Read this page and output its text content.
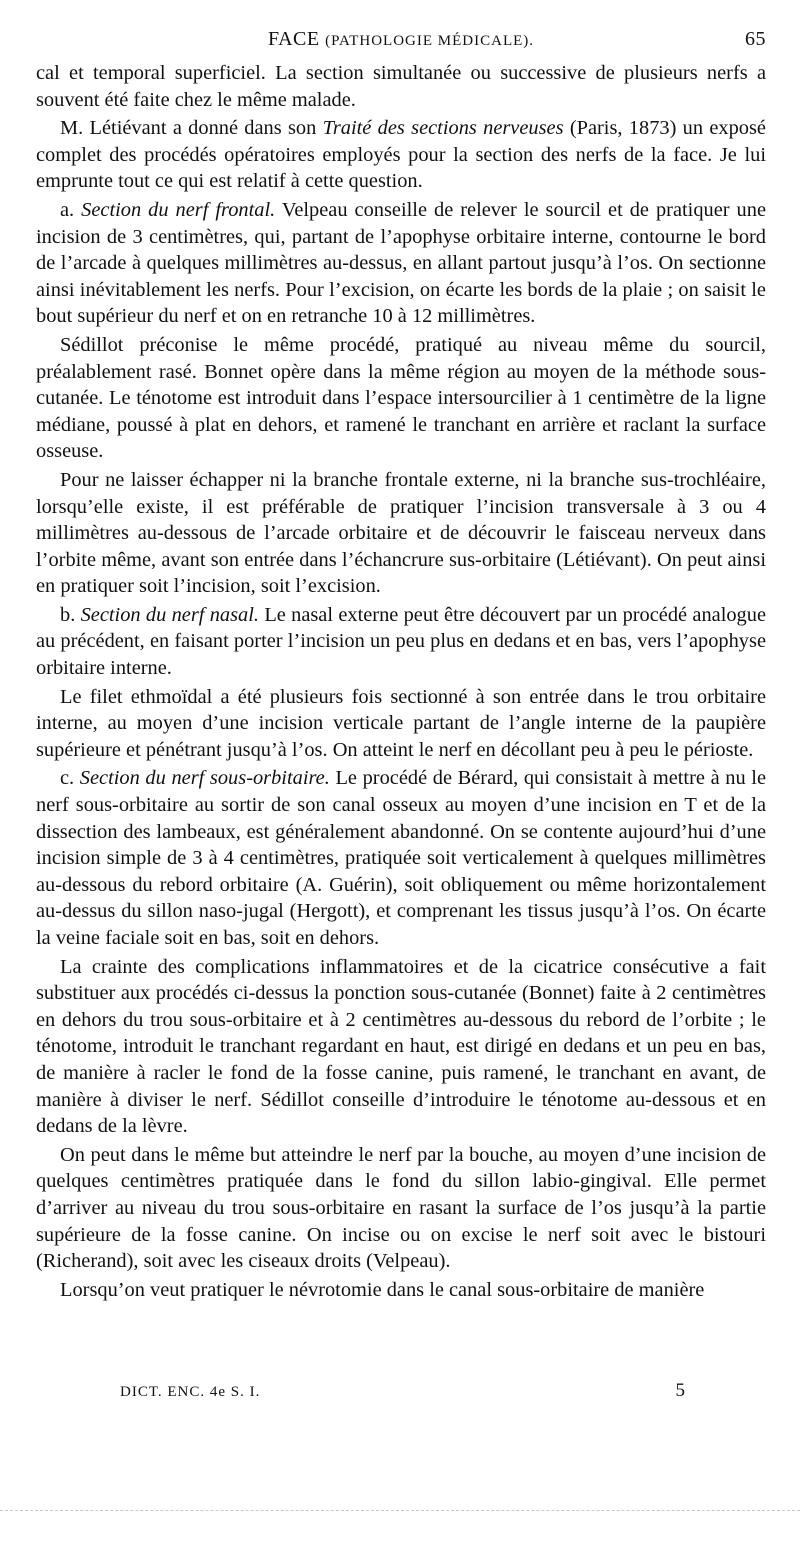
FACE (PATHOLOGIE MÉDICALE).	65

cal et temporal superficiel. La section simultanée ou successive de plusieurs nerfs a souvent été faite chez le même malade.

M. Létiévant a donné dans son Traité des sections nerveuses (Paris, 1873) un exposé complet des procédés opératoires employés pour la section des nerfs de la face. Je lui emprunte tout ce qui est relatif à cette question.

a. Section du nerf frontal. Velpeau conseille de relever le sourcil et de pratiquer une incision de 3 centimètres, qui, partant de l’apophyse orbitaire interne, contourne le bord de l’arcade à quelques millimètres au-dessus, en allant partout jusqu’à l’os. On sectionne ainsi inévitablement les nerfs. Pour l’excision, on écarte les bords de la plaie ; on saisit le bout supérieur du nerf et on en retranche 10 à 12 millimètres.

Sédillot préconise le même procédé, pratiqué au niveau même du sourcil, préalablement rasé. Bonnet opère dans la même région au moyen de la méthode sous-cutanée. Le ténotome est introduit dans l’espace intersourcilier à 1 centimètre de la ligne médiane, poussé à plat en dehors, et ramené le tranchant en arrière et raclant la surface osseuse.

Pour ne laisser échapper ni la branche frontale externe, ni la branche sus-trochléaire, lorsqu’elle existe, il est préférable de pratiquer l’incision transversale à 3 ou 4 millimètres au-dessous de l’arcade orbitaire et de découvrir le faisceau nerveux dans l’orbite même, avant son entrée dans l’échancrure sus-orbitaire (Létiévant). On peut ainsi en pratiquer soit l’incision, soit l’excision.

b. Section du nerf nasal. Le nasal externe peut être découvert par un procédé analogue au précédent, en faisant porter l’incision un peu plus en dedans et en bas, vers l’apophyse orbitaire interne.

Le filet ethmoïdal a été plusieurs fois sectionné à son entrée dans le trou orbitaire interne, au moyen d’une incision verticale partant de l’angle interne de la paupière supérieure et pénétrant jusqu’à l’os. On atteint le nerf en décollant peu à peu le périoste.

c. Section du nerf sous-orbitaire. Le procédé de Bérard, qui consistait à mettre à nu le nerf sous-orbitaire au sortir de son canal osseux au moyen d’une incision en T et de la dissection des lambeaux, est généralement abandonné. On se contente aujourd’hui d’une incision simple de 3 à 4 centimètres, pratiquée soit verticalement à quelques millimètres au-dessous du rebord orbitaire (A. Guérin), soit obliquement ou même horizontalement au-dessus du sillon naso-jugal (Hergott), et comprenant les tissus jusqu’à l’os. On écarte la veine faciale soit en bas, soit en dehors.

La crainte des complications inflammatoires et de la cicatrice consécutive a fait substituer aux procédés ci-dessus la ponction sous-cutanée (Bonnet) faite à 2 centimètres en dehors du trou sous-orbitaire et à 2 centimètres au-dessous du rebord de l’orbite ; le ténotome, introduit le tranchant regardant en haut, est dirigé en dedans et un peu en bas, de manière à racler le fond de la fosse canine, puis ramené, le tranchant en avant, de manière à diviser le nerf. Sédillot conseille d’introduire le ténotome au-dessous et en dedans de la lèvre.

On peut dans le même but atteindre le nerf par la bouche, au moyen d’une incision de quelques centimètres pratiquée dans le fond du sillon labio-gingival. Elle permet d’arriver au niveau du trou sous-orbitaire en rasant la surface de l’os jusqu’à la partie supérieure de la fosse canine. On incise ou on excise le nerf soit avec le bistouri (Richerand), soit avec les ciseaux droits (Velpeau).

Lorsqu’on veut pratiquer le névrotomie dans le canal sous-orbitaire de manière

DICT. ENC. 4e S. I.	5
